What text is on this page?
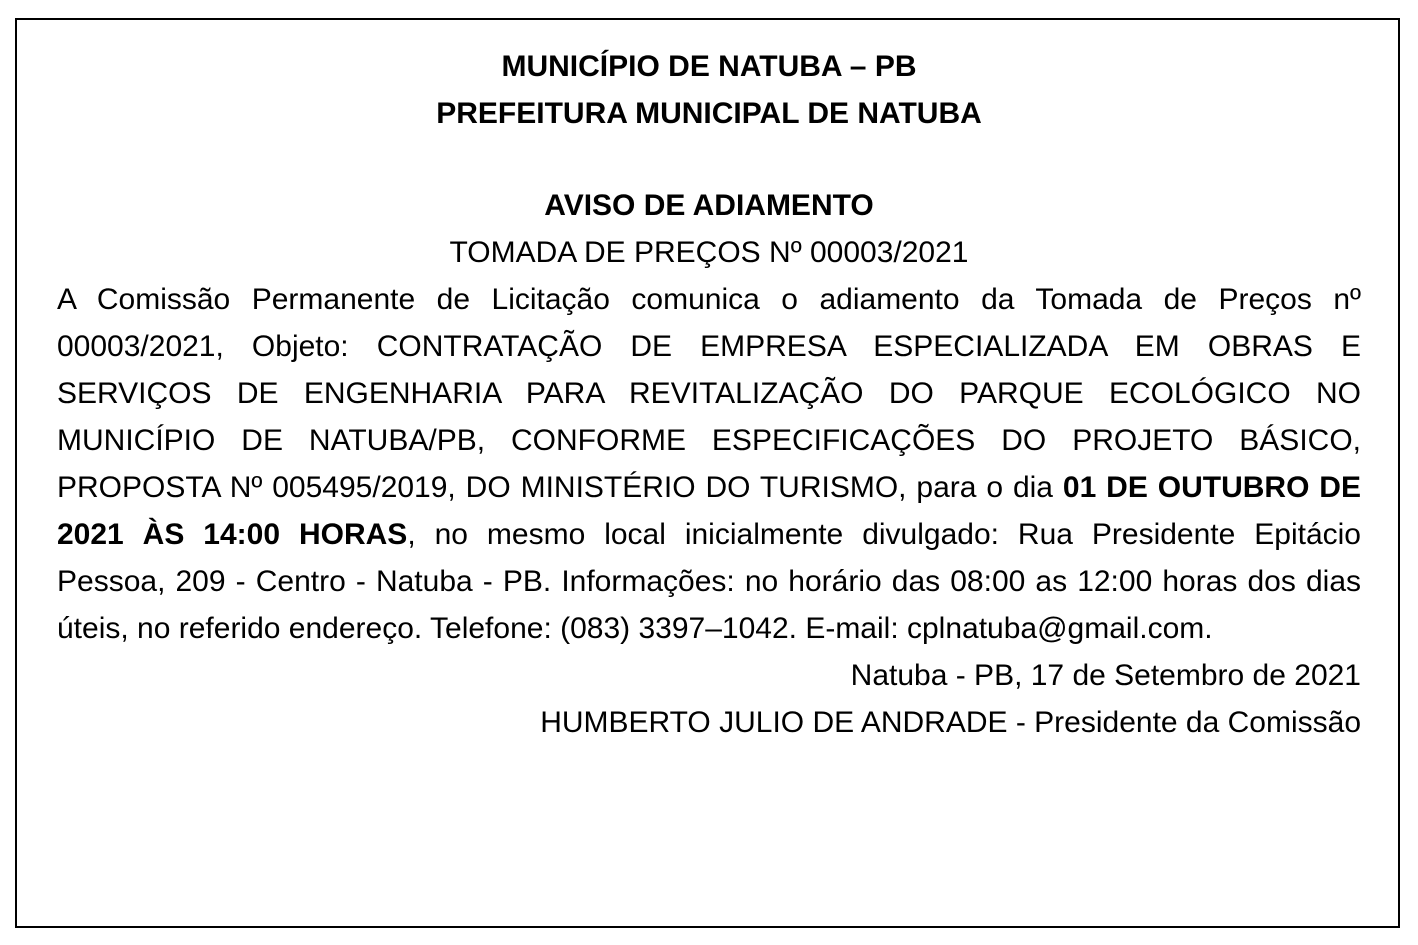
MUNICÍPIO DE NATUBA – PB

PREFEITURA MUNICIPAL DE NATUBA

AVISO DE ADIAMENTO

TOMADA DE PREÇOS Nº 00003/2021

A Comissão Permanente de Licitação comunica o adiamento da Tomada de Preços nº 00003/2021, Objeto: CONTRATAÇÃO DE EMPRESA ESPECIALIZADA EM OBRAS E SERVIÇOS DE ENGENHARIA PARA REVITALIZAÇÃO DO PARQUE ECOLÓGICO NO MUNICÍPIO DE NATUBA/PB, CONFORME ESPECIFICAÇÕES DO PROJETO BÁSICO, PROPOSTA Nº 005495/2019, DO MINISTÉRIO DO TURISMO, para o dia 01 DE OUTUBRO DE 2021 ÀS 14:00 HORAS, no mesmo local inicialmente divulgado: Rua Presidente Epitácio Pessoa, 209 - Centro - Natuba - PB. Informações: no horário das 08:00 as 12:00 horas dos dias úteis, no referido endereço. Telefone: (083) 3397–1042. E-mail: cplnatuba@gmail.com.

Natuba - PB, 17 de Setembro de 2021

HUMBERTO JULIO DE ANDRADE - Presidente da Comissão
